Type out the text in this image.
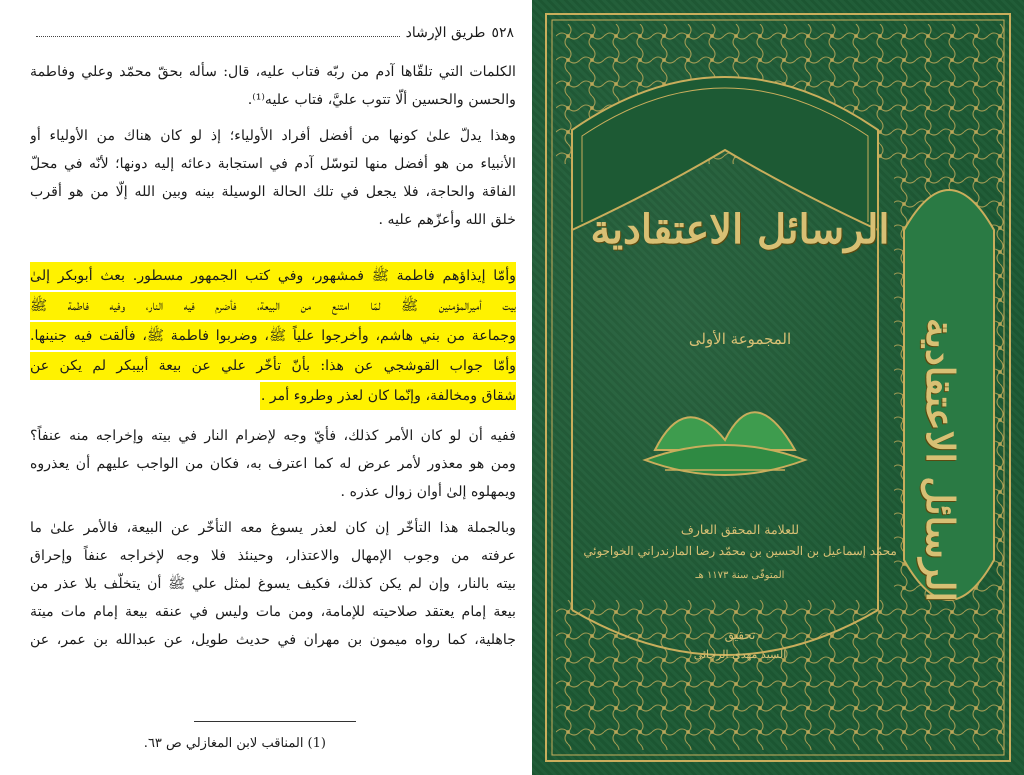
٥٢٨
طريق الإرشاد
الكلمات التي تلقّاها آدم من ربّه فتاب عليه، قال: سأله بحقّ محمّد وعلي وفاطمة
والحسن والحسين ألّا تتوب عليَّ، فتاب عليه⁽¹⁾.
وهذا يدلّ علىٰ كونها من أفضل أفراد الأولياء؛ إذ لو كان هناك من الأولياء أو
الأنبياء من هو أفضل منها لتوسّل آدم في استجابة دعائه إليه دونها؛ لأنّه في محلّ
الفاقة والحاجة، فلا يجعل في تلك الحالة الوسيلة بينه وبين الله إلّا من هو أقرب
خلق الله وأعزّهم عليه .
وأمّا إيذاؤهم فاطمة ﷺ فمشهور، وفي كتب الجمهور مسطور. بعث أبوبكر إلىٰ
بيت أميرالمؤمنين ﷺ لمّا امتنع من البيعة، فأضرم فيه النار، وفيه فاطمة ﷺ
وجماعة من بني هاشم، وأخرجوا علياً ﷺ، وضربوا فاطمة ﷺ، فألقت فيه جنينها.
وأمّا جواب القوشجي عن هذا: بأنّ تأخّر علي عن بيعة أبيبكر لم يكن عن
شقاق ومخالفة، وإنّما كان لعذر وطروء أمر .
ففيه أن لو كان الأمر كذلك، فأيّ وجه لإضرام النار في بيته وإخراجه منه عنفاً؟
ومن هو معذور لأمر عرض له كما اعترف به، فكان من الواجب عليهم أن يعذروه
ويمهلوه إلىٰ أوان زوال عذره .
وبالجملة هذا التأخّر إن كان لعذر يسوغ معه التأخّر عن البيعة، فالأمر علىٰ ما
عرفته من وجوب الإمهال والاعتذار، وحينئذ فلا وجه لإخراجه عنفاً وإحراق
بيته بالنار، وإن لم يكن كذلك، فكيف يسوغ لمثل علي ﷺ أن يتخلّف بلا عذر من
بيعة إمام يعتقد صلاحيته للإمامة، ومن مات وليس في عنقه بيعة إمام مات ميتة
جاهلية، كما رواه ميمون بن مهران في حديث طويل، عن عبدالله بن عمر، عن
(1) المناقب لابن المغازلي ص ٦٣.
الرسائل الاعتقادية
المجموعة الأولى
للعلامة المحقق العارف
محمّد إسماعيل بن الحسين بن محمّد رضا المازندراني الخواجوئي
المتوفّى سنة ١١٧٣ هـ
تحقيق
السيد مهدي الرجائي
الرسائل الاعتقادية
